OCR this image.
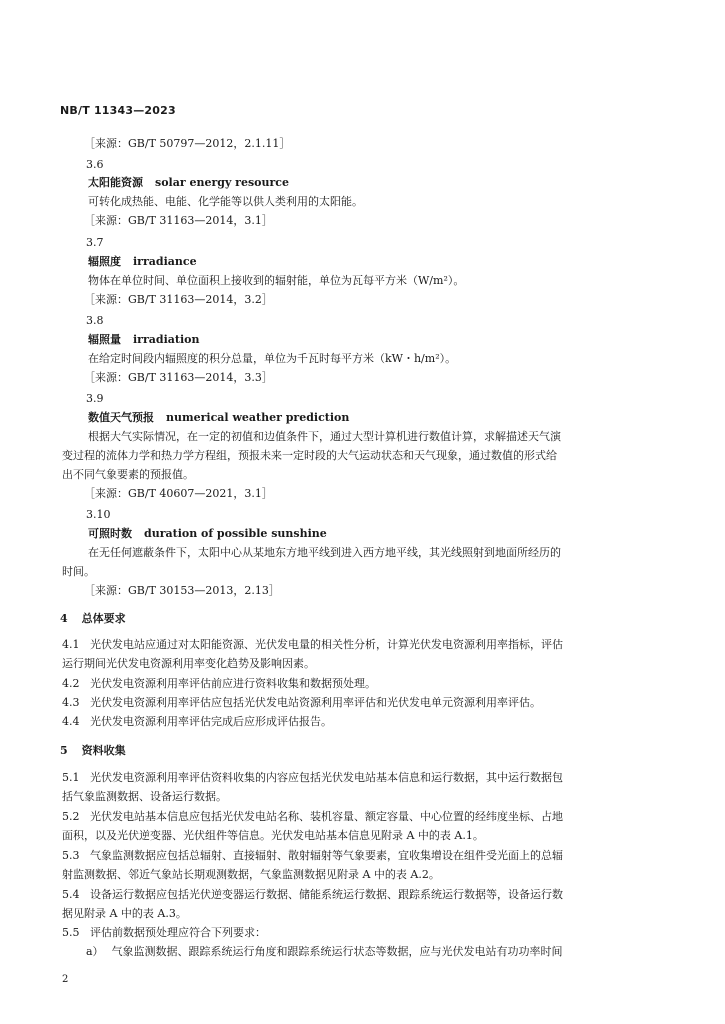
NB/T 11343—2023
［来源：GB/T 50797—2012，2.1.11］
3.6
太阳能资源 solar energy resource
可转化成热能、电能、化学能等以供人类利用的太阳能。
［来源：GB/T 31163—2014，3.1］
3.7
辐照度 irradiance
物体在单位时间、单位面积上接收到的辐射能，单位为瓦每平方米（W/m²）。
［来源：GB/T 31163—2014，3.2］
3.8
辐照量 irradiation
在给定时间段内辐照度的积分总量，单位为千瓦时每平方米（kW・h/m²）。
［来源：GB/T 31163—2014，3.3］
3.9
数值天气预报 numerical weather prediction
根据大气实际情况，在一定的初值和边值条件下，通过大型计算机进行数值计算，求解描述天气演
变过程的流体力学和热力学方程组，预报未来一定时段的大气运动状态和天气现象，通过数值的形式给
出不同气象要素的预报值。
［来源：GB/T 40607—2021，3.1］
3.10
可照时数 duration of possible sunshine
在无任何遮蔽条件下，太阳中心从某地东方地平线到进入西方地平线，其光线照射到地面所经历的
时间。
［来源：GB/T 30153—2013，2.13］
4 总体要求
4.1 光伏发电站应通过对太阳能资源、光伏发电量的相关性分析，计算光伏发电资源利用率指标，评估
运行期间光伏发电资源利用率变化趋势及影响因素。
4.2 光伏发电资源利用率评估前应进行资料收集和数据预处理。
4.3 光伏发电资源利用率评估应包括光伏发电站资源利用率评估和光伏发电单元资源利用率评估。
4.4 光伏发电资源利用率评估完成后应形成评估报告。
5 资料收集
5.1 光伏发电资源利用率评估资料收集的内容应包括光伏发电站基本信息和运行数据，其中运行数据包
括气象监测数据、设备运行数据。
5.2 光伏发电站基本信息应包括光伏发电站名称、装机容量、额定容量、中心位置的经纬度坐标、占地
面积，以及光伏逆变器、光伏组件等信息。光伏发电站基本信息见附录 A 中的表 A.1。
5.3 气象监测数据应包括总辐射、直接辐射、散射辐射等气象要素，宜收集增设在组件受光面上的总辐
射监测数据、邻近气象站长期观测数据，气象监测数据见附录 A 中的表 A.2。
5.4 设备运行数据应包括光伏逆变器运行数据、储能系统运行数据、跟踪系统运行数据等，设备运行数
据见附录 A 中的表 A.3。
5.5 评估前数据预处理应符合下列要求：
a） 气象监测数据、跟踪系统运行角度和跟踪系统运行状态等数据，应与光伏发电站有功功率时间
2
